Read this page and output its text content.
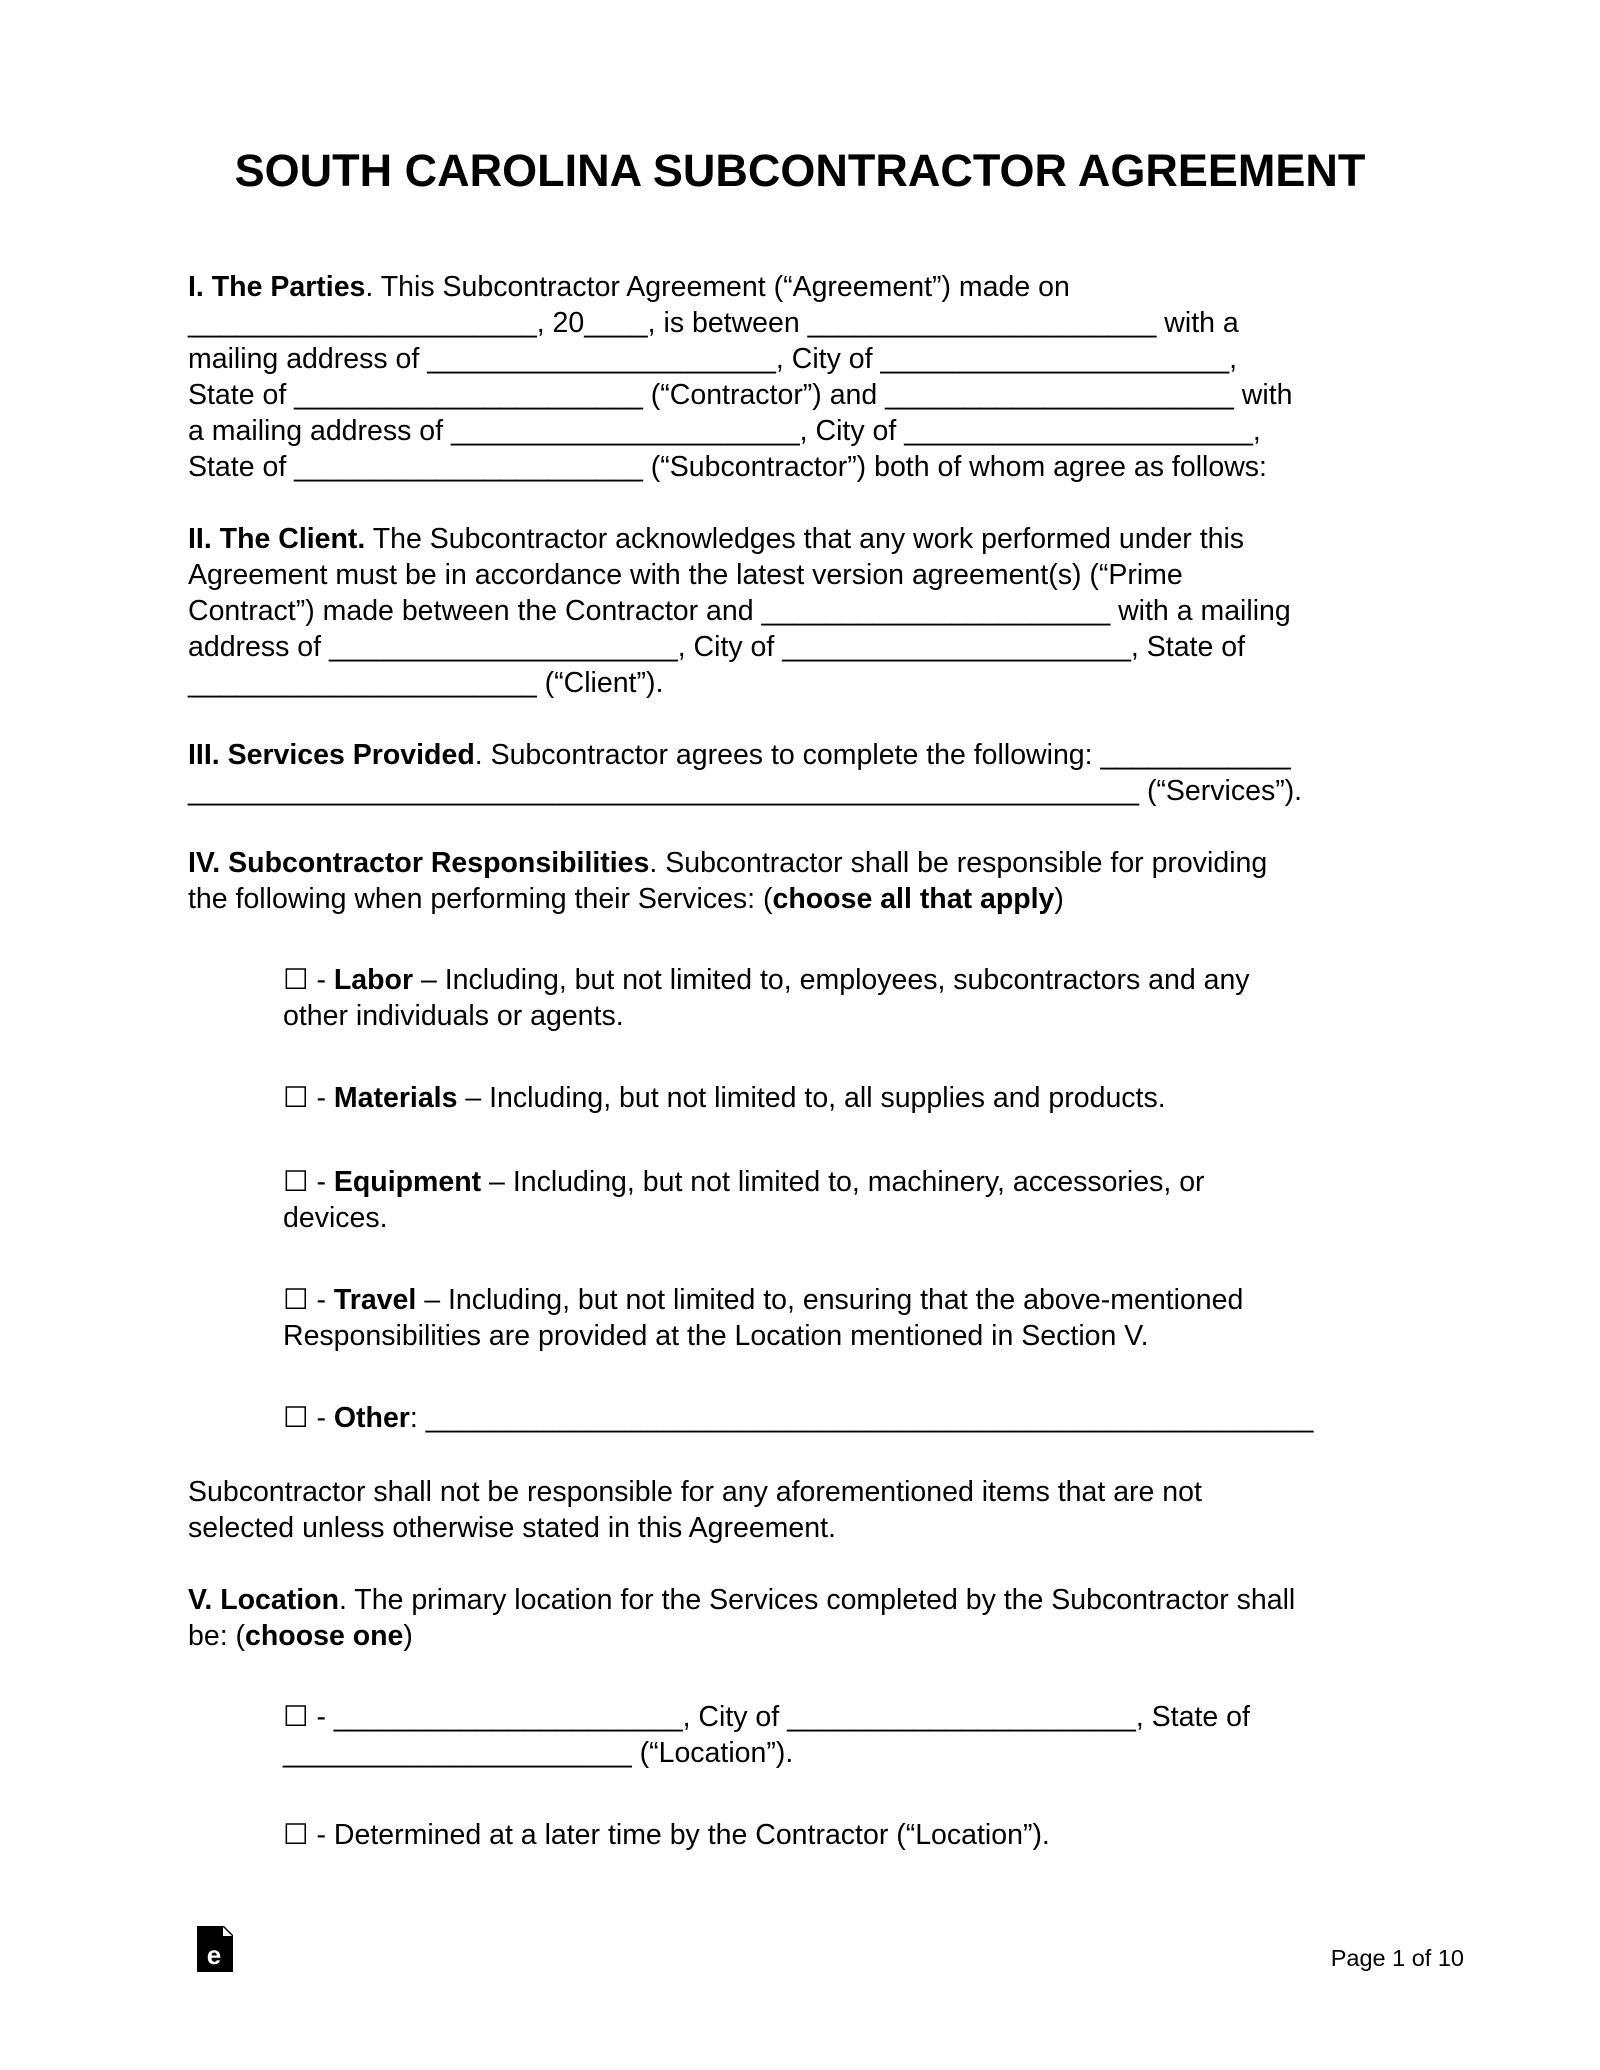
SOUTH CAROLINA SUBCONTRACTOR AGREEMENT
I. The Parties. This Subcontractor Agreement (“Agreement”) made on
______________________, 20____, is between ______________________ with a
mailing address of ______________________, City of ______________________,
State of ______________________ (“Contractor”) and ______________________ with
a mailing address of ______________________, City of ______________________,
State of ______________________ (“Subcontractor”) both of whom agree as follows:
II. The Client. The Subcontractor acknowledges that any work performed under this
Agreement must be in accordance with the latest version agreement(s) (“Prime
Contract”) made between the Contractor and ______________________ with a mailing
address of ______________________, City of ______________________, State of
______________________ (“Client”).
III. Services Provided. Subcontractor agrees to complete the following: ____________
____________________________________________________________ (“Services”).
IV. Subcontractor Responsibilities. Subcontractor shall be responsible for providing
the following when performing their Services: (choose all that apply)
☐ - Labor – Including, but not limited to, employees, subcontractors and any
other individuals or agents.
☐ - Materials – Including, but not limited to, all supplies and products.
☐ - Equipment – Including, but not limited to, machinery, accessories, or
devices.
☐ - Travel – Including, but not limited to, ensuring that the above-mentioned
Responsibilities are provided at the Location mentioned in Section V.
☐ - Other: ________________________________________________________
Subcontractor shall not be responsible for any aforementioned items that are not
selected unless otherwise stated in this Agreement.
V. Location. The primary location for the Services completed by the Subcontractor shall
be: (choose one)
☐ - ______________________, City of ______________________, State of
______________________ (“Location”).
☐ - Determined at a later time by the Contractor (“Location”).
e	Page 1 of 10
